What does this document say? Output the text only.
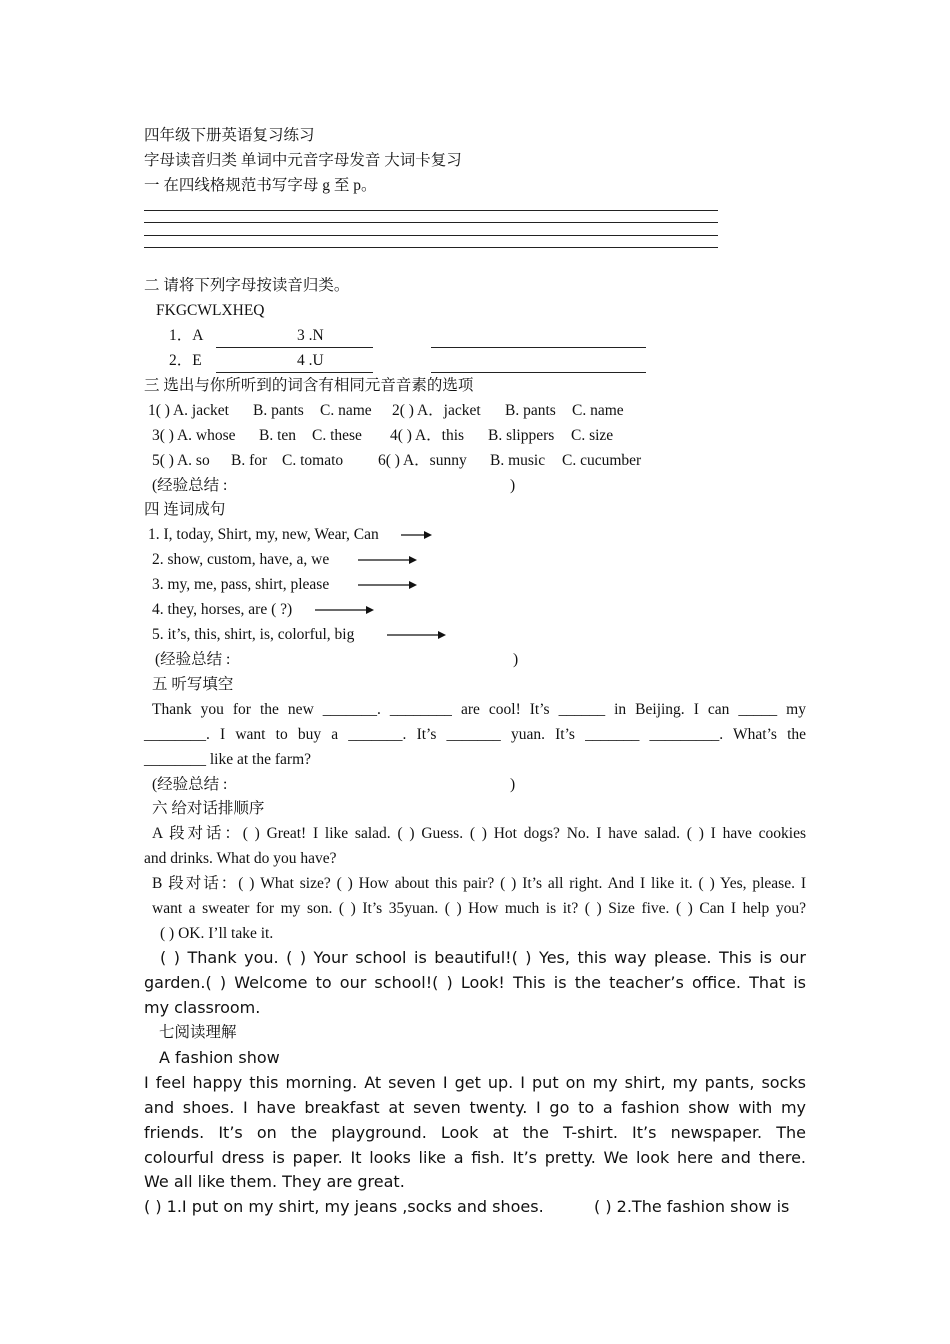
四年级下册英语复习练习
字母读音归类 单词中元音字母发音 大词卡复习
一 在四线格规范书写字母 g 至 p。
二 请将下列字母按读音归类。
FKGCWLXHEQ
1．A	3 .N
2．E	4 .U
三 选出与你所听到的词含有相同元音音素的选项
1( ) A. jacket B. pants C. name 2( ) A．jacket B. pants C. name
3( ) A. whose B. ten C. these 4( ) A．this B. slippers C. size
5( ) A. so B. for C. tomato 6( ) A．sunny B. music C. cucumber
(经验总结 :	)
四 连词成句
1. I, today, Shirt, my, new, Wear, Can
2. show, custom, have, a, we
3. my, me, pass, shirt, please
4. they, horses, are ( ?)
5. it’s, this, shirt, is, colorful, big
(经验总结 :	)
五 听写填空
Thank you for the new _______. ________ are cool! It’s ______ in Beijing. I can _____ my
________. I want to buy a _______. It’s _______ yuan. It’s _______ _________. What’s the
________ like at the farm?
(经验总结 :	)
六 给对话排顺序
A 段对话：( ) Great! I like salad. ( ) Guess. ( ) Hot dogs? No. I have salad. ( ) I have cookies
and drinks. What do you have?
B 段对话：( ) What size? ( ) How about this pair? ( ) It’s all right. And I like it. ( ) Yes, please. I
want a sweater for my son. ( ) It’s 35yuan. ( ) How much is it? ( ) Size five. ( ) Can I help you?
( ) OK. I’ll take it.
( ) Thank you. ( ) Your school is beautiful!( ) Yes, this way please. This is our
garden.( ) Welcome to our school!( ) Look! This is the teacher’s office. That is
my classroom.
七阅读理解
A fashion show
I feel happy this morning. At seven I get up. I put on my shirt, my pants, socks
and shoes. I have breakfast at seven twenty. I go to a fashion show with my
friends. It’s on the playground. Look at the T-shirt. It’s newspaper. The
colourful dress is paper. It looks like a fish. It’s pretty. We look here and there.
We all like them. They are great.
( ) 1.I put on my shirt, my jeans ,socks and shoes.	( ) 2.The fashion show is
